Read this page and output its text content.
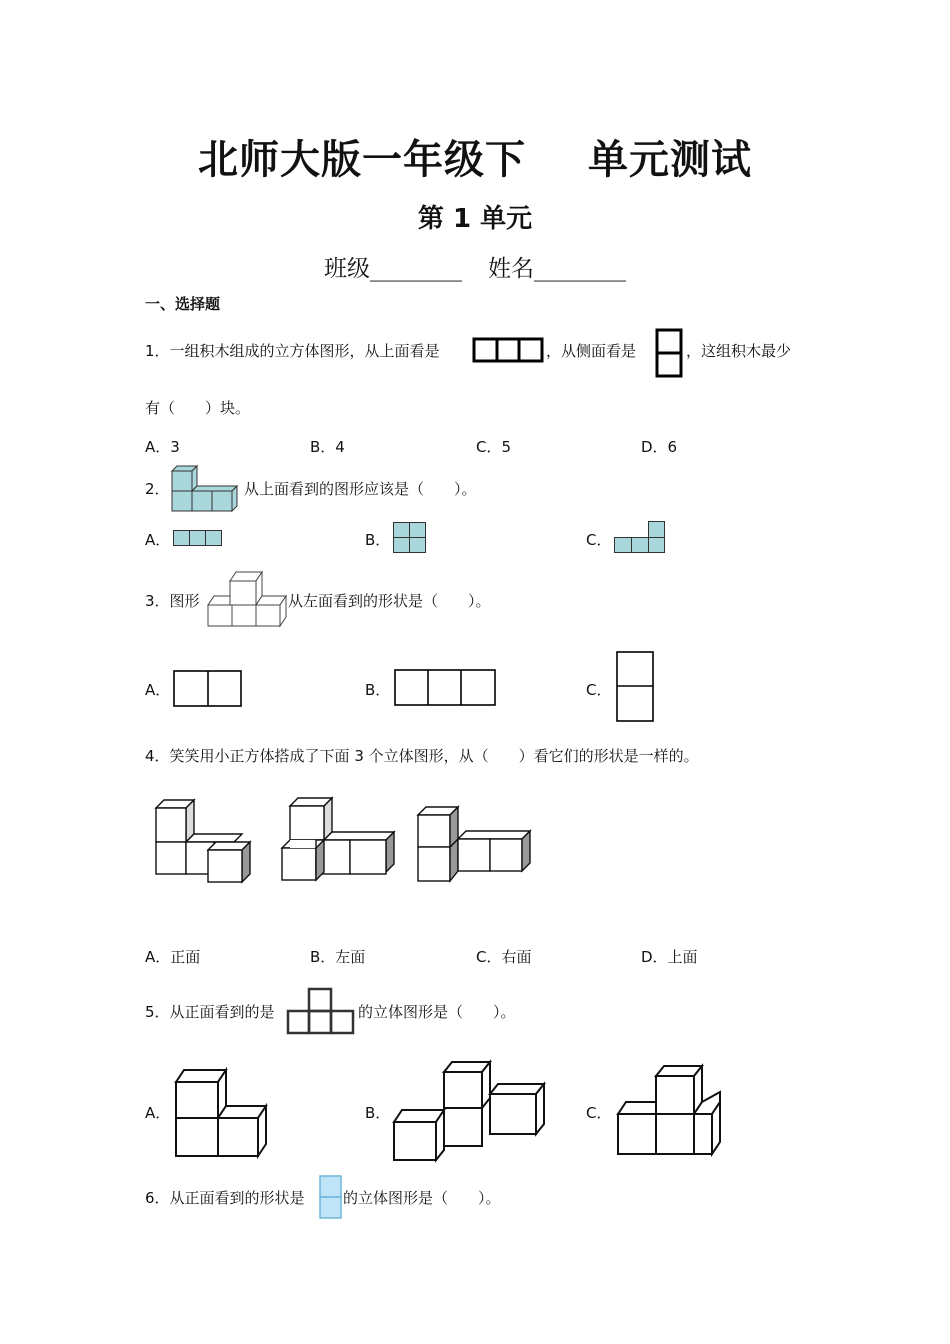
北师大版一年级下 单元测试
第 1 单元
班级________ 姓名________
一、选择题
1．一组积木组成的立方体图形，从上面看是	，从侧面看是	，这组积木最少
有（　　）块。
A．3	B．4	C．5	D．6
2．	从上面看到的图形应该是（　　）。
A．	B．	C．
3．图形	从左面看到的形状是（　　）。
A．	B．	C．
4．笑笑用小正方体搭成了下面 3 个立体图形，从（　　）看它们的形状是一样的。
A．正面	B．左面	C．右面	D．上面
5．从正面看到的是	的立体图形是（　　）。
A．	B．	C．
6．从正面看到的形状是	的立体图形是（　　）。
